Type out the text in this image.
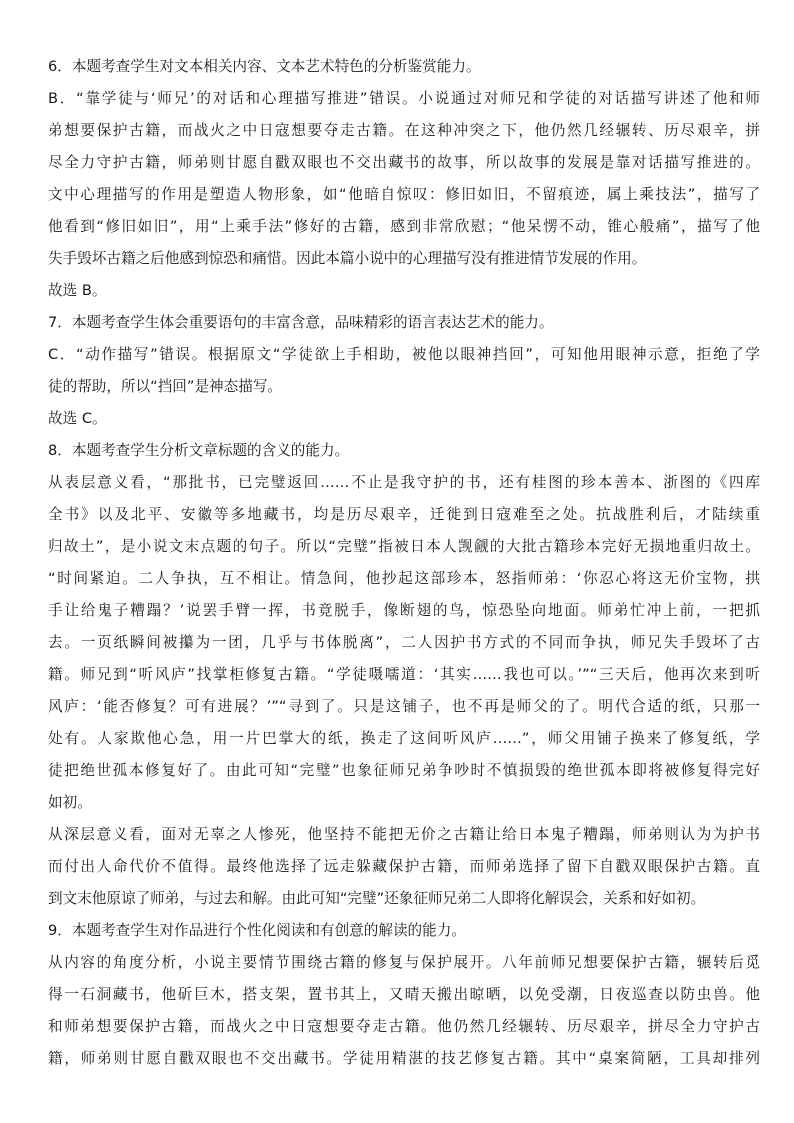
6．本题考查学生对文本相关内容、文本艺术特色的分析鉴赏能力。
B．“靠学徒与‘师兄’的对话和心理描写推进”错误。小说通过对师兄和学徒的对话描写讲述了他和师
弟想要保护古籍，而战火之中日寇想要夺走古籍。在这种冲突之下，他仍然几经辗转、历尽艰辛，拼
尽全力守护古籍，师弟则甘愿自戳双眼也不交出藏书的故事，所以故事的发展是靠对话描写推进的。
文中心理描写的作用是塑造人物形象，如“他暗自惊叹：修旧如旧，不留痕迹，属上乘技法”，描写了
他看到“修旧如旧”，用“上乘手法”修好的古籍，感到非常欣慰；“他呆愣不动，锥心般痛”，描写了他
失手毁坏古籍之后他感到惊恐和痛惜。因此本篇小说中的心理描写没有推进情节发展的作用。
故选 B。
7．本题考查学生体会重要语句的丰富含意，品味精彩的语言表达艺术的能力。
C．“动作描写”错误。根据原文“学徒欲上手相助，被他以眼神挡回”，可知他用眼神示意，拒绝了学
徒的帮助，所以“挡回”是神态描写。
故选 C。
8．本题考查学生分析文章标题的含义的能力。
从表层意义看，“那批书，已完璧返回……不止是我守护的书，还有桂图的珍本善本、浙图的《四库
全书》以及北平、安徽等多地藏书，均是历尽艰辛，迁徙到日寇难至之处。抗战胜利后，才陆续重
归故土”，是小说文末点题的句子。所以“完璧”指被日本人觊觎的大批古籍珍本完好无损地重归故土。
“时间紧迫。二人争执，互不相让。情急间，他抄起这部珍本，怒指师弟：‘你忍心将这无价宝物，拱
手让给鬼子糟蹋？’说罢手臂一挥，书竟脱手，像断翅的鸟，惊恐坠向地面。师弟忙冲上前，一把抓
去。一页纸瞬间被攥为一团，几乎与书体脱离”，二人因护书方式的不同而争执，师兄失手毁坏了古
籍。师兄到“听风庐”找掌柜修复古籍。“学徒嗫嚅道：‘其实……我也可以。’”“三天后，他再次来到听
风庐：‘能否修复？可有进展？’”“寻到了。只是这铺子，也不再是师父的了。明代合适的纸，只那一
处有。人家欺他心急，用一片巴掌大的纸，换走了这间听风庐……”，师父用铺子换来了修复纸，学
徒把绝世孤本修复好了。由此可知“完璧”也象征师兄弟争吵时不慎损毁的绝世孤本即将被修复得完好
如初。
从深层意义看，面对无辜之人惨死，他坚持不能把无价之古籍让给日本鬼子糟蹋，师弟则认为为护书
而付出人命代价不值得。最终他选择了远走躲藏保护古籍，而师弟选择了留下自戳双眼保护古籍。直
到文末他原谅了师弟，与过去和解。由此可知“完璧”还象征师兄弟二人即将化解误会，关系和好如初。
9．本题考查学生对作品进行个性化阅读和有创意的解读的能力。
从内容的角度分析，小说主要情节围绕古籍的修复与保护展开。八年前师兄想要保护古籍，辗转后觅
得一石洞藏书，他斫巨木，搭支架，置书其上，又晴天搬出晾晒，以免受潮，日夜巡查以防虫兽。他
和师弟想要保护古籍，而战火之中日寇想要夺走古籍。他仍然几经辗转、历尽艰辛，拼尽全力守护古
籍，师弟则甘愿自戳双眼也不交出藏书。学徒用精湛的技艺修复古籍。其中“桌案简陋，工具却排列
